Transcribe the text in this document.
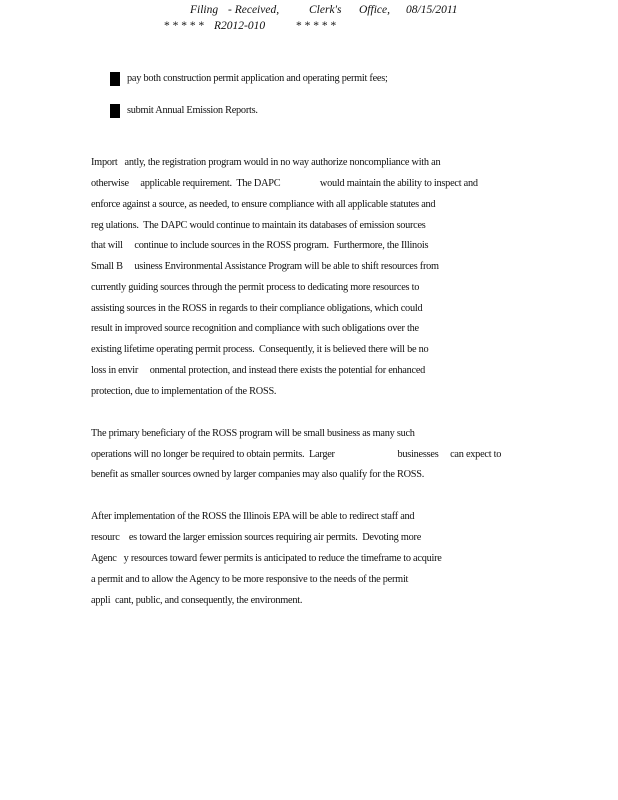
Filing - Received,	Clerk's Office, 08/15/2011
* * * * * R2012-010	* * * * *
pay both construction permit application and operating permit fees;
submit Annual Emission Reports.
Import   antly, the registration program would in no way authorize noncompliance with an
otherwise     applicable requirement.  The DAPC                 would maintain the ability to inspect and
enforce against a source, as needed, to ensure compliance with all applicable statutes and
reg ulations.  The DAPC would continue to maintain its databases of emission sources
that will     continue to include sources in the ROSS program.  Furthermore, the Illinois
Small B     usiness Environmental Assistance Program will be able to shift resources from
currently guiding sources through the permit process to dedicating more resources to
assisting sources in the ROSS in regards to their compliance obligations, which could
result in improved source recognition and compliance with such obligations over the
existing lifetime operating permit process.  Consequently, it is believed there will be no
loss in envir     onmental protection, and instead there exists the potential for enhanced
protection, due to implementation of the ROSS.
The primary beneficiary of the ROSS program will be small business as many such
operations will no longer be required to obtain permits.  Larger                           businesses     can expect to
benefit as smaller sources owned by larger companies may also qualify for the ROSS.
After implementation of the ROSS the Illinois EPA will be able to redirect staff and
resourc    es toward the larger emission sources requiring air permits.  Devoting more
Agenc   y resources toward fewer permits is anticipated to reduce the timeframe to acquire
a permit and to allow the Agency to be more responsive to the needs of the permit
appli  cant, public, and consequently, the environment.
